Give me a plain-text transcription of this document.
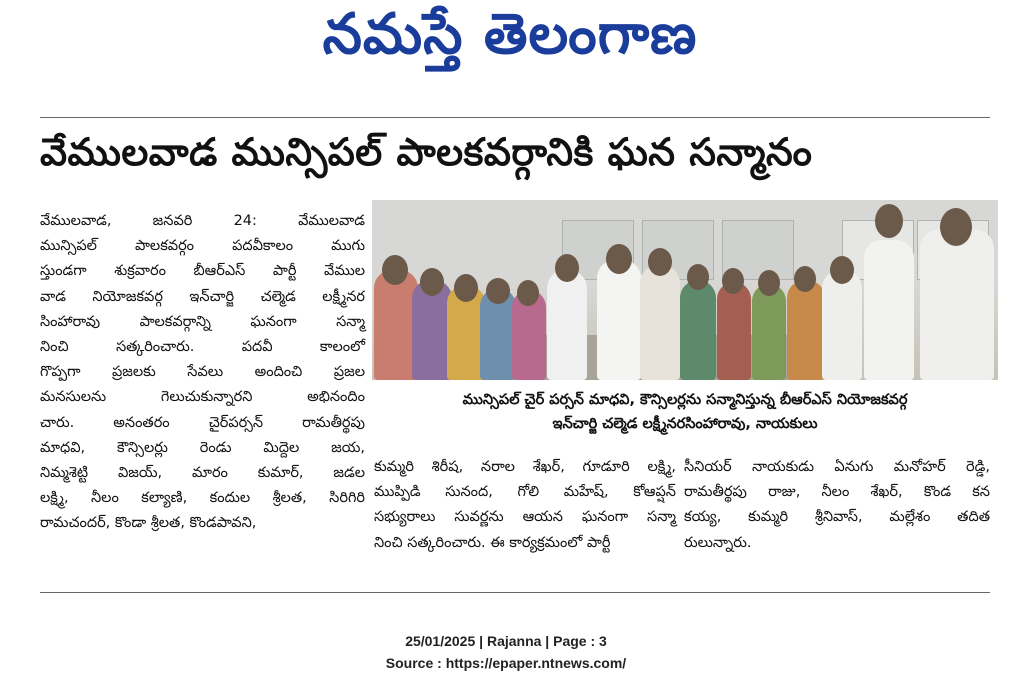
నమస్తే తెలంగాణ
వేములవాడ మున్సిపల్‌ పాలకవర్గానికి ఘన సన్మానం

వేములవాడ, జనవరి 24: వేములవాడ

మున్సిపల్‌ పాలకవర్గం పదవీకాలం ముగు

స్తుండగా శుక్రవారం బీఆర్‌ఎస్‌ పార్టీ వేముల

వాడ నియోజకవర్గ ఇన్‌చార్జి చల్మెడ లక్ష్మీనర

సింహారావు పాలకవర్గాన్ని ఘనంగా సన్మా

నించి సత్కరించారు. పదవీ కాలంలో

గొప్పగా ప్రజలకు సేవలు అందించి ప్రజల

మనసులను గెలుచుకున్నారని అభినందిం

చారు. అనంతరం చైర్‌పర్సన్‌ రామతీర్థపు

మాధవి, కౌన్సిలర్లు రెండు మిద్దెల జయ,

నిమ్మశెట్టి విజయ్‌, మారం కుమార్‌, జడల

లక్ష్మి, నీలం కల్యాణి, కందుల శ్రీలత, సిరిగిరి

రామచందర్‌, కొండా శ్రీలత, కొండపావని,

మున్సిపల్‌ చైర్‌ పర్సన్‌ మాధవి, కౌన్సిలర్లను సన్మానిస్తున్న బీఆర్‌ఎస్‌ నియోజకవర్గ
ఇన్‌చార్జి చల్మెడ లక్ష్మీనరసింహారావు, నాయకులు

కుమ్మరి శిరీష, నరాల శేఖర్‌, గూడూరి లక్ష్మి,

ముప్పిడి సునంద, గోలి మహేష్‌, కోఆప్షన్‌

సభ్యురాలు సువర్ణను ఆయన ఘనంగా సన్మా

నించి సత్కరించారు. ఈ కార్యక్రమంలో పార్టీ

సీనియర్‌ నాయకుడు ఏనుగు మనోహర్‌ రెడ్డి,

రామతీర్థపు రాజు, నీలం శేఖర్‌, కొండ కన

కయ్య, కుమ్మరి శ్రీనివాస్‌, మల్లేశం తదిత

రులున్నారు.

25/01/2025 | Rajanna | Page : 3
Source : https://epaper.ntnews.com/
